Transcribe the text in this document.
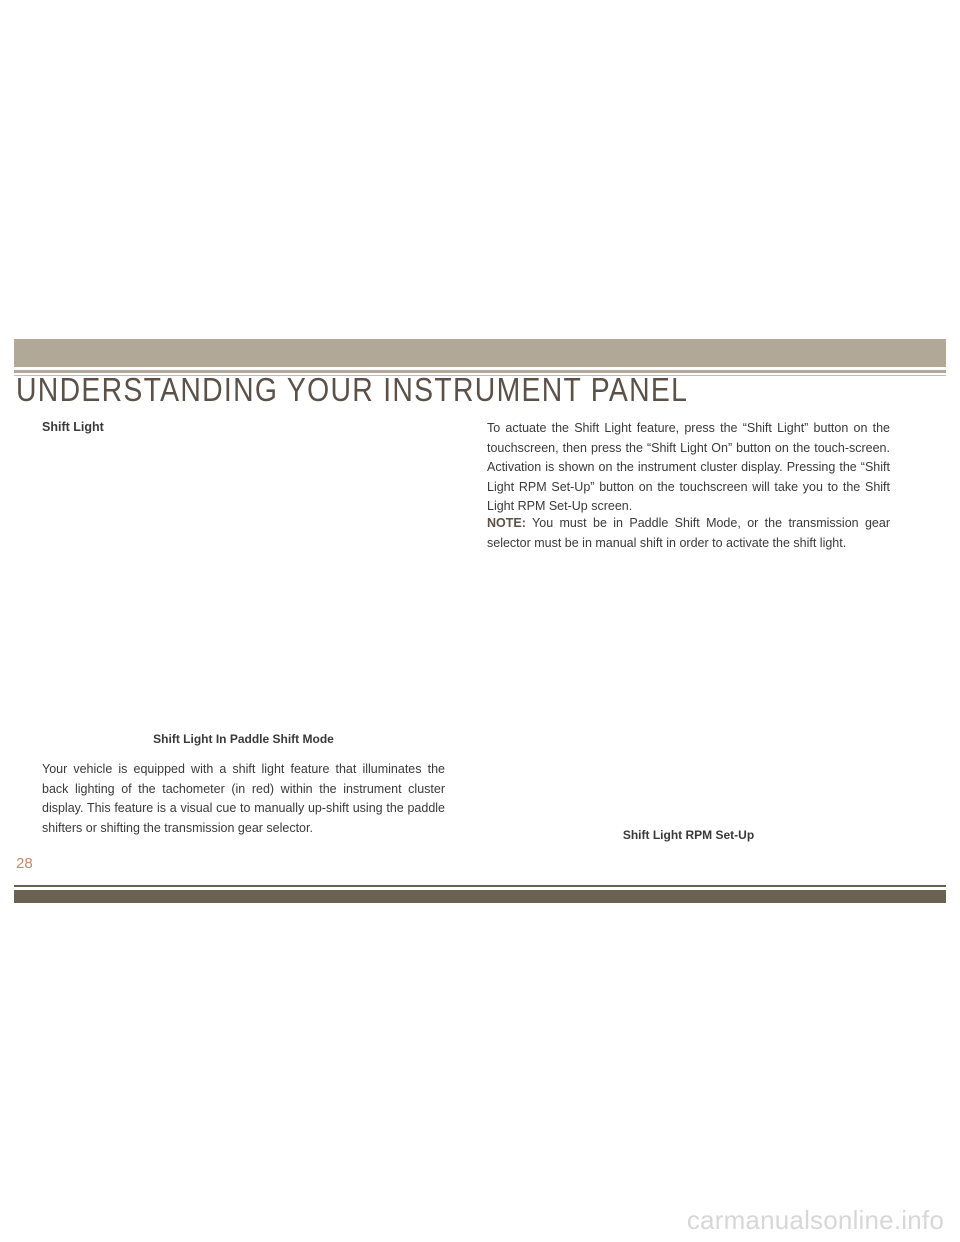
UNDERSTANDING YOUR INSTRUMENT PANEL
Shift Light

Shift Light In Paddle Shift Mode

Your vehicle is equipped with a shift light feature that illuminates the back lighting of the tachometer (in red) within the instrument cluster display. This feature is a visual cue to manually up-shift using the paddle shifters or shifting the transmission gear selector.

To actuate the Shift Light feature, press the “Shift Light” button on the touchscreen, then press the “Shift Light On” button on the touch-screen. Activation is shown on the instrument cluster display. Pressing the “Shift Light RPM Set-Up” button on the touchscreen will take you to the Shift Light RPM Set-Up screen.

NOTE: You must be in Paddle Shift Mode, or the transmission gear selector must be in manual shift in order to activate the shift light.

Shift Light RPM Set-Up

28

carmanualsonline.info
